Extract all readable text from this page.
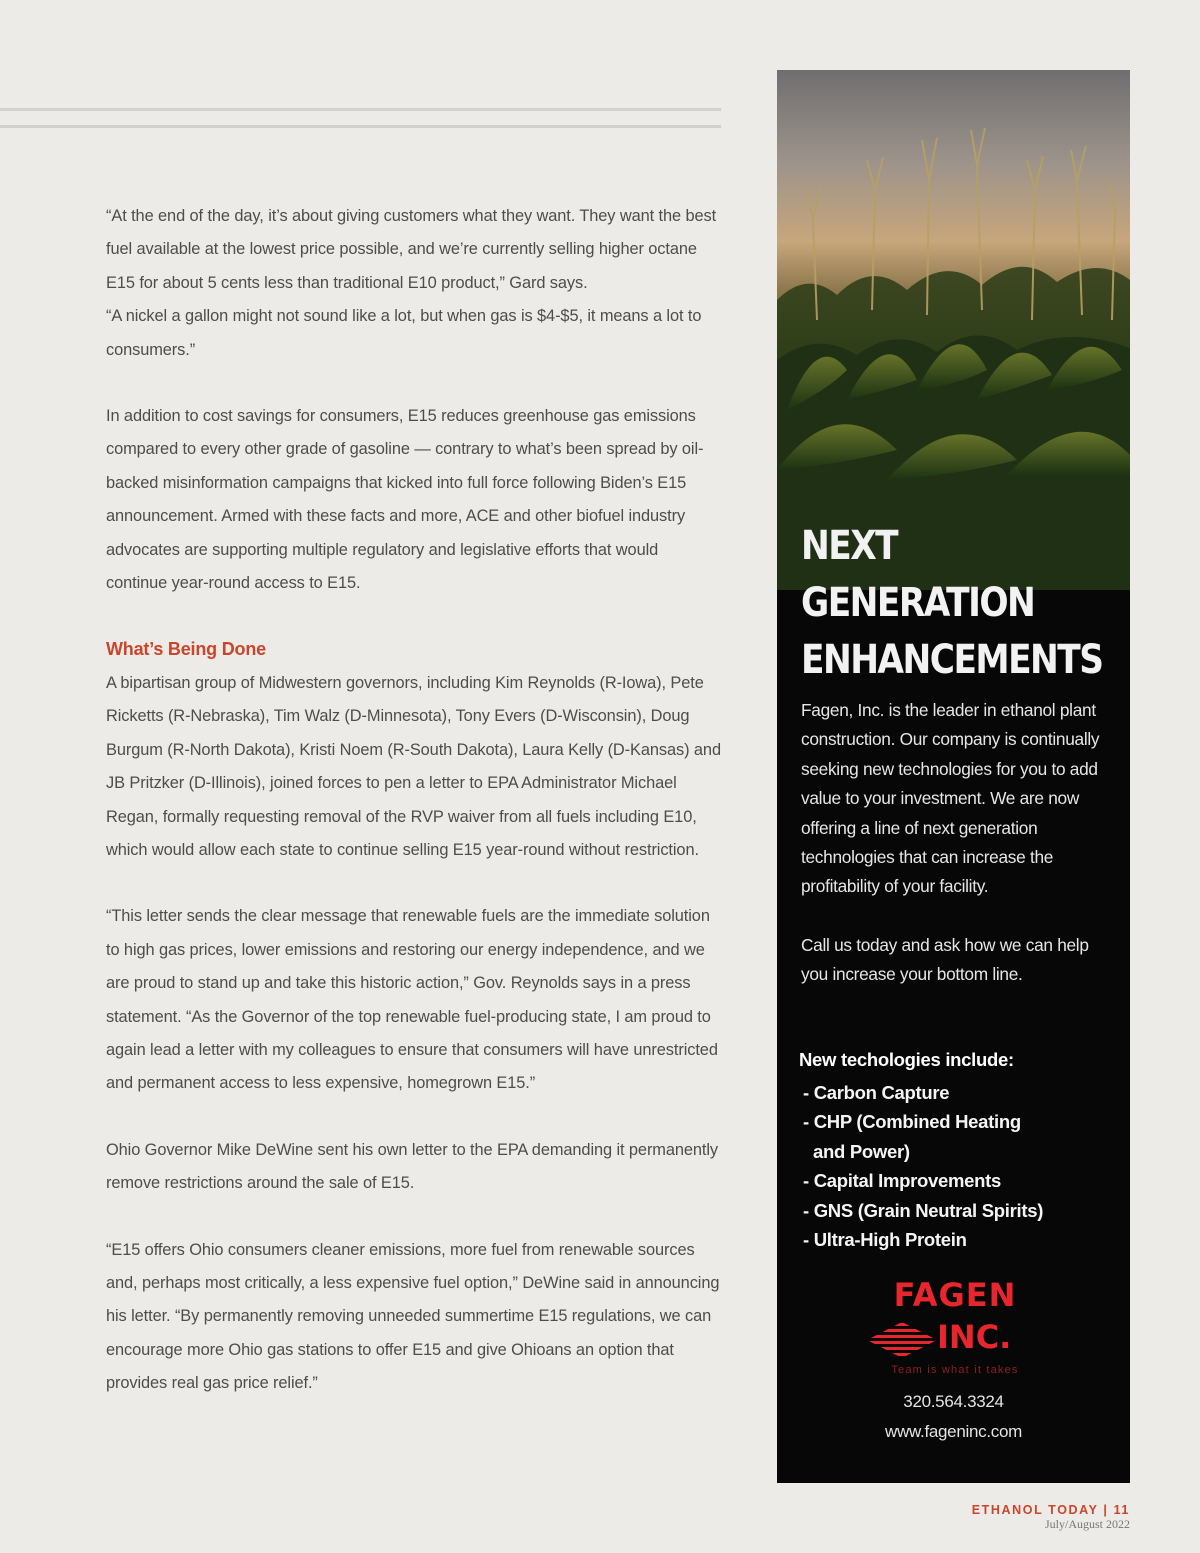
“At the end of the day, it’s about giving customers what they want. They want the best fuel available at the lowest price possible, and we’re currently selling higher octane E15 for about 5 cents less than traditional E10 product,” Gard says.

“A nickel a gallon might not sound like a lot, but when gas is $4-$5, it means a lot to consumers.”

In addition to cost savings for consumers, E15 reduces greenhouse gas emissions compared to every other grade of gasoline — contrary to what’s been spread by oil-backed misinformation campaigns that kicked into full force following Biden’s E15 announcement. Armed with these facts and more, ACE and other biofuel industry advocates are supporting multiple regulatory and legislative efforts that would continue year-round access to E15.

What’s Being Done

A bipartisan group of Midwestern governors, including Kim Reynolds (R-Iowa), Pete Ricketts (R-Nebraska), Tim Walz (D-Minnesota), Tony Evers (D-Wisconsin), Doug Burgum (R-North Dakota), Kristi Noem (R-South Dakota), Laura Kelly (D-Kansas) and JB Pritzker (D-Illinois), joined forces to pen a letter to EPA Administrator Michael Regan, formally requesting removal of the RVP waiver from all fuels including E10, which would allow each state to continue selling E15 year-round without restriction.

“This letter sends the clear message that renewable fuels are the immediate solution to high gas prices, lower emissions and restoring our energy independence, and we are proud to stand up and take this historic action,” Gov. Reynolds says in a press statement. “As the Governor of the top renewable fuel-producing state, I am proud to again lead a letter with my colleagues to ensure that consumers will have unrestricted and permanent access to less expensive, homegrown E15.”

Ohio Governor Mike DeWine sent his own letter to the EPA demanding it permanently remove restrictions around the sale of E15.

“E15 offers Ohio consumers cleaner emissions, more fuel from renewable sources and, perhaps most critically, a less expensive fuel option,” DeWine said in announcing his letter. “By permanently removing unneeded summertime E15 regulations, we can encourage more Ohio gas stations to offer E15 and give Ohioans an option that provides real gas price relief.”

NEXT
GENERATION
ENHANCEMENTS

Fagen, Inc. is the leader in ethanol plant construction. Our company is continually seeking new technologies for you to add value to your investment. We are now offering a line of next generation technologies that can increase the profitability of your facility.

Call us today and ask how we can help you increase your bottom line.

New techologies include:
- Carbon Capture
- CHP (Combined Heating
and Power)
- Capital Improvements
- GNS (Grain Neutral Spirits)
- Ultra-High Protein
FAGEN
INC.
Team is what it takes
320.564.3324
www.fageninc.com
ETHANOL TODAY | 11
July/August 2022
